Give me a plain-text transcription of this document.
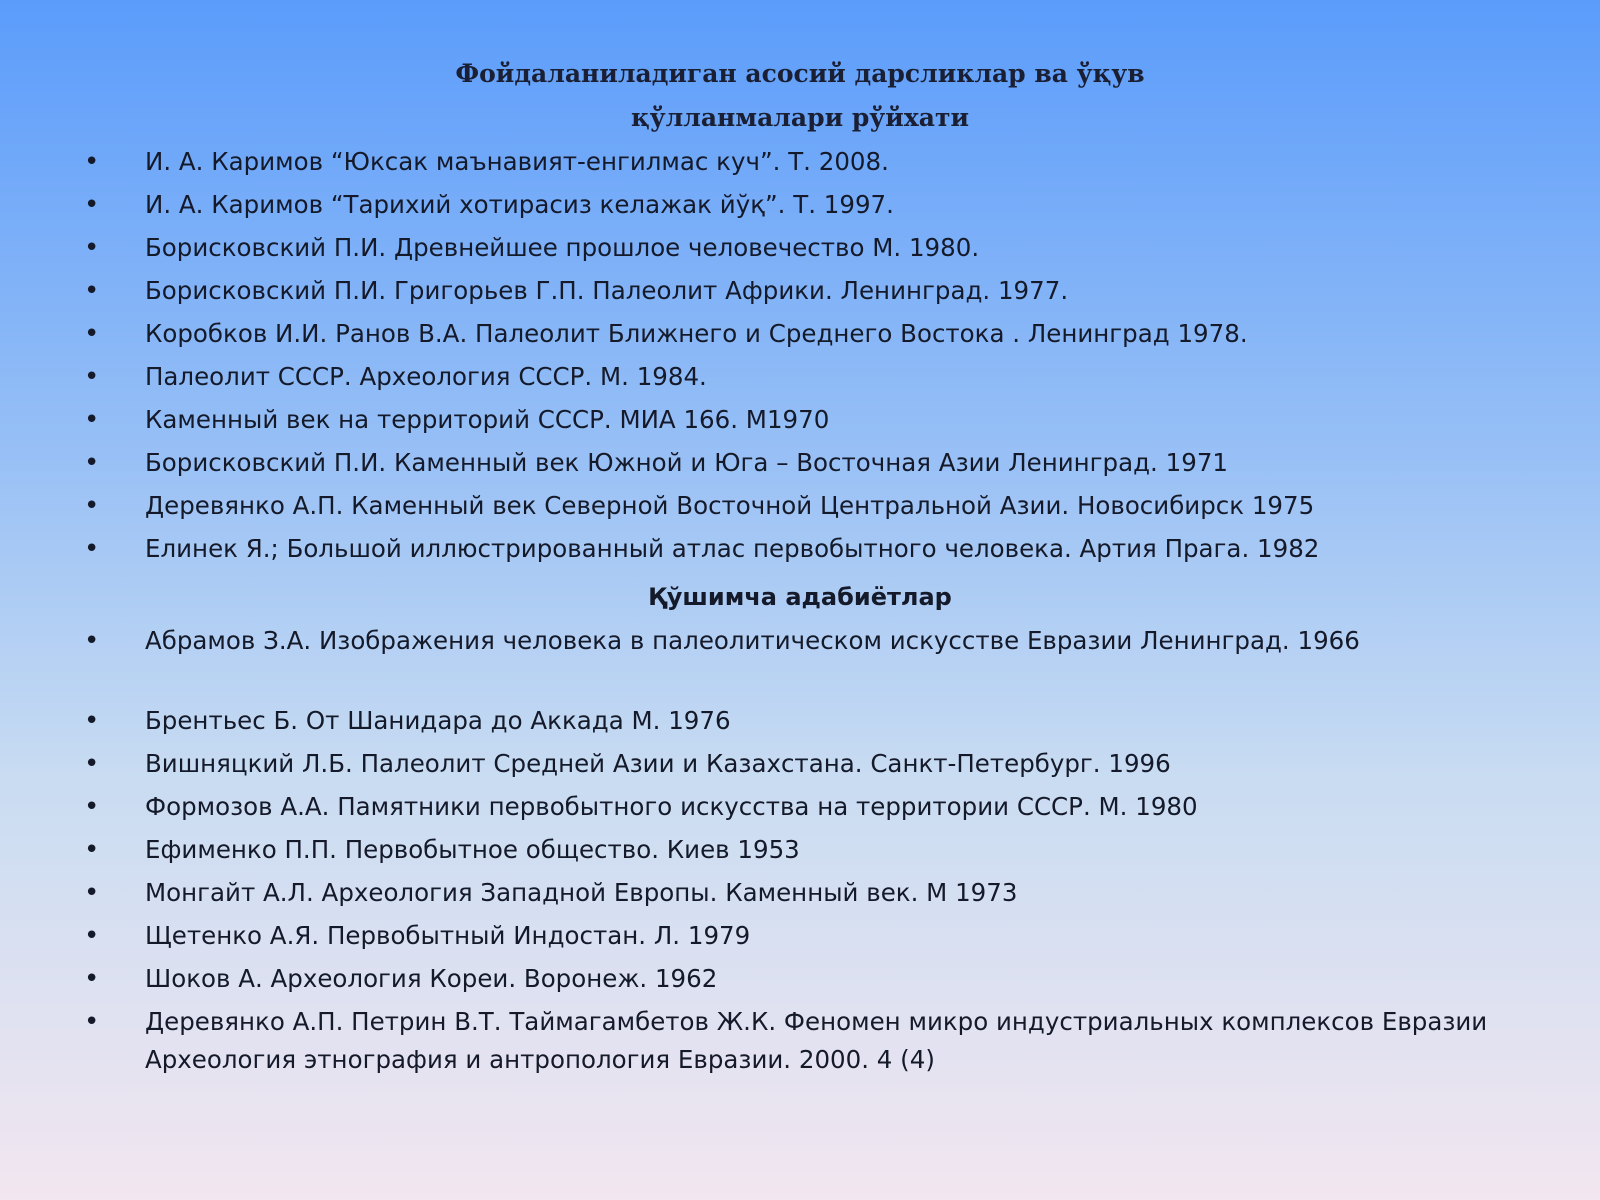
Фойдаланиладиган асосий дарсликлар ва ўқув
қўлланмалари рўйхати
• И. А. Каримов “Юксак маънавият-енгилмас куч”. Т. 2008.
• И. А. Каримов “Тарихий хотирасиз келажак йўқ”. Т. 1997.
• Борисковский П.И. Древнейшее прошлое человечество М. 1980.
• Борисковский П.И. Григорьев Г.П. Палеолит Африки. Ленинград. 1977.
• Коробков И.И. Ранов В.А. Палеолит Ближнего и Среднего Востока . Ленинград 1978.
• Палеолит СССР. Археология СССР. М. 1984.
• Каменный век на территорий СССР. МИА 166. М1970
• Борисковский П.И. Каменный век Южной и Юга – Восточная Азии Ленинград. 1971
• Деревянко А.П. Каменный век Северной Восточной Центральной Азии. Новосибирск 1975
• Елинек Я.; Большой иллюстрированный атлас первобытного человека. Артия Прага. 1982
Қўшимча адабиётлар
• Абрамов З.А. Изображения человека в палеолитическом искусстве Евразии Ленинград. 1966
• Брентьес Б. От Шанидара до Аккада М. 1976
• Вишняцкий Л.Б. Палеолит Средней Азии и Казахстана. Санкт-Петербург. 1996
• Формозов А.А. Памятники первобытного искусства на территории СССР. М. 1980
• Ефименко П.П. Первобытное общество. Киев 1953
• Монгайт А.Л. Археология Западной Европы. Каменный век. М 1973
• Щетенко А.Я. Первобытный Индостан. Л. 1979
• Шоков А. Археология Кореи. Воронеж. 1962
• Деревянко А.П. Петрин В.Т. Таймагамбетов Ж.К. Феномен микро индустриальных комплексов Евразии Археология этнография и антропология Евразии. 2000. 4 (4)
